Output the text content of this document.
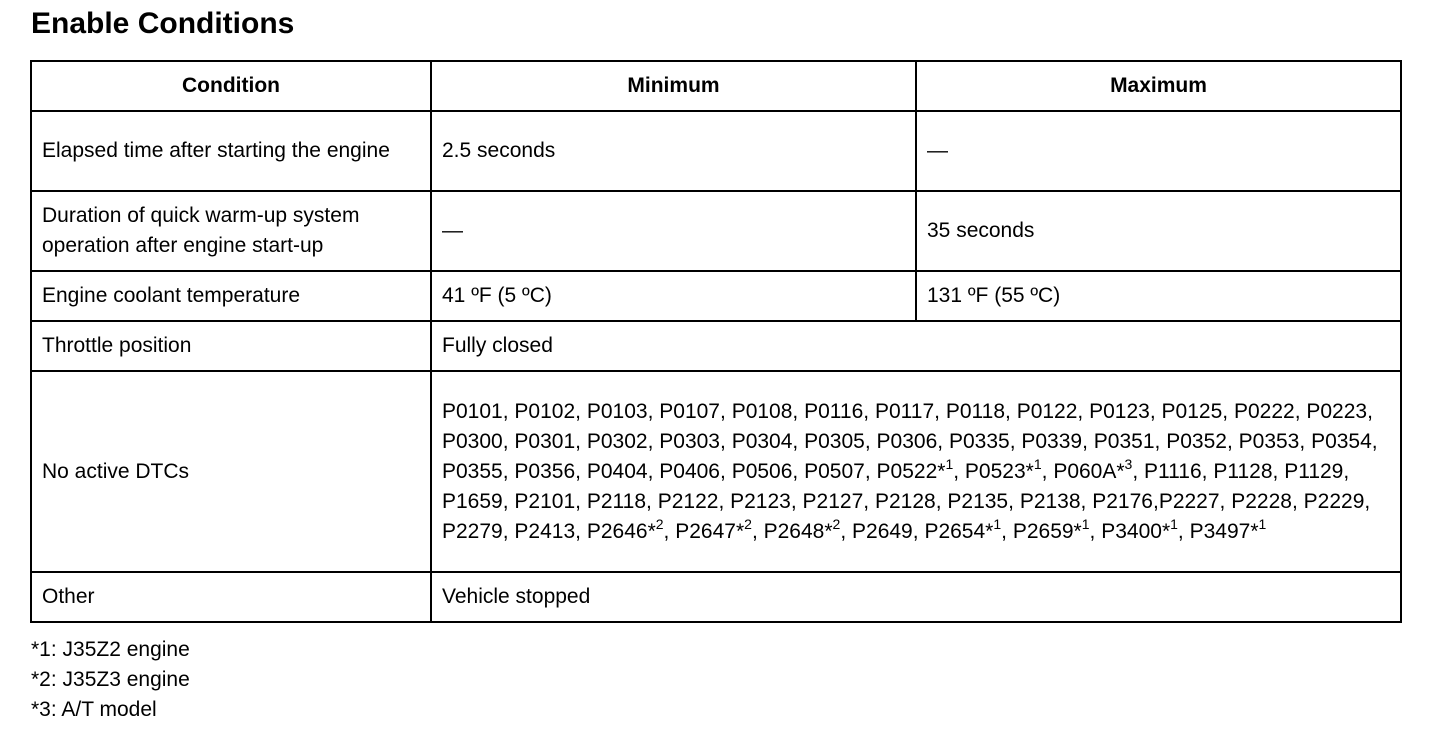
Enable Conditions
Condition	Minimum	Maximum
Elapsed time after starting the engine	2.5 seconds	—
Duration of quick warm-up system operation after engine start-up	—	35 seconds
Engine coolant temperature	41 ºF (5 ºC)	131 ºF (55 ºC)
Throttle position	Fully closed	
No active DTCs	P0101, P0102, P0103, P0107, P0108, P0116, P0117, P0118, P0122, P0123, P0125, P0222, P0223, P0300, P0301, P0302, P0303, P0304, P0305, P0306, P0335, P0339, P0351, P0352, P0353, P0354, P0355, P0356, P0404, P0406, P0506, P0507, P0522*$^1$, P0523*$^1$, P060A*$^3$, P1116, P1128, P1129, P1659, P2101, P2118, P2122, P2123, P2127, P2128, P2135, P2138, P2176,P2227, P2228, P2229, P2279, P2413, P2646*$^2$, P2647*$^2$, P2648*$^2$, P2649, P2654*$^1$, P2659*$^1$, P3400*$^1$, P3497*$^1$
Other	Vehicle stopped	
*1: J35Z2 engine
*2: J35Z3 engine
*3: A/T model
